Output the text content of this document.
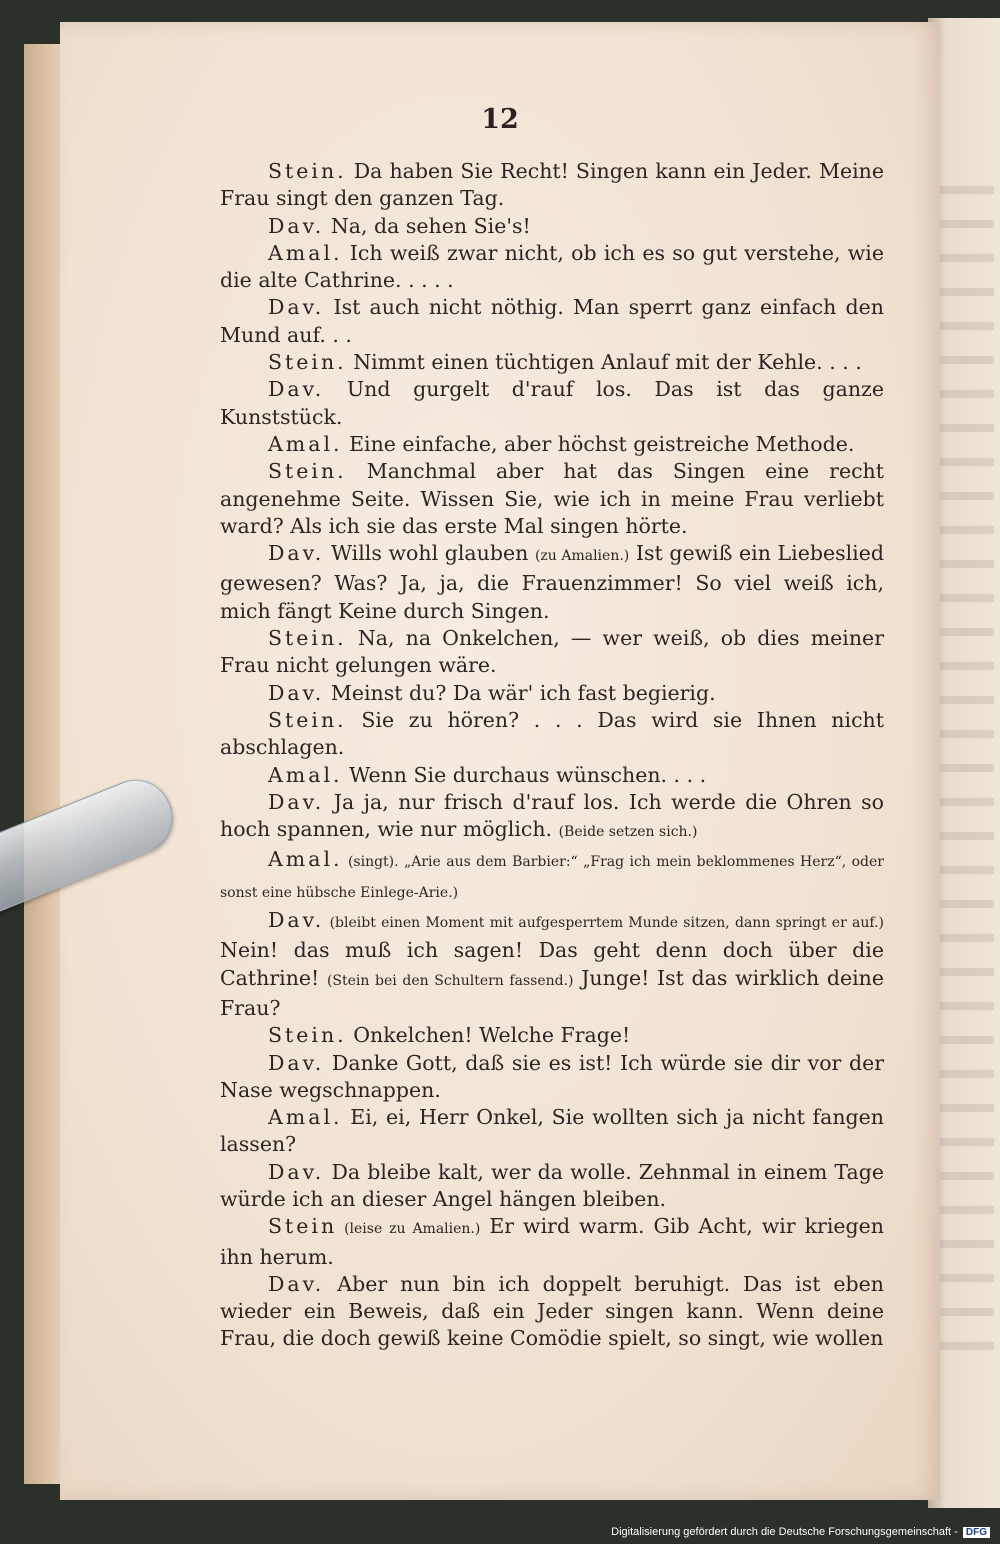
12

Stein. Da haben Sie Recht! Singen kann ein Jeder. Meine Frau singt den ganzen Tag.

Dav. Na, da sehen Sie's!

Amal. Ich weiß zwar nicht, ob ich es so gut verstehe, wie die alte Cathrine. . . . .

Dav. Ist auch nicht nöthig. Man sperrt ganz einfach den Mund auf. . .

Stein. Nimmt einen tüchtigen Anlauf mit der Kehle. . . .

Dav. Und gurgelt d'rauf los. Das ist das ganze Kunststück.

Amal. Eine einfache, aber höchst geistreiche Methode.

Stein. Manchmal aber hat das Singen eine recht angenehme Seite. Wissen Sie, wie ich in meine Frau verliebt ward? Als ich sie das erste Mal singen hörte.

Dav. Wills wohl glauben (zu Amalien.) Ist gewiß ein Liebeslied gewesen? Was? Ja, ja, die Frauenzimmer! So viel weiß ich, mich fängt Keine durch Singen.

Stein. Na, na Onkelchen, — wer weiß, ob dies meiner Frau nicht gelungen wäre.

Dav. Meinst du? Da wär' ich fast begierig.

Stein. Sie zu hören? . . . Das wird sie Ihnen nicht abschlagen.

Amal. Wenn Sie durchaus wünschen. . . .

Dav. Ja ja, nur frisch d'rauf los. Ich werde die Ohren so hoch spannen, wie nur möglich. (Beide setzen sich.)

Amal. (singt). „Arie aus dem Barbier:“ „Frag ich mein beklommenes Herz“, oder sonst eine hübsche Einlege-Arie.)

Dav. (bleibt einen Moment mit aufgesperrtem Munde sitzen, dann springt er auf.) Nein! das muß ich sagen! Das geht denn doch über die Cathrine! (Stein bei den Schultern fassend.) Junge! Ist das wirklich deine Frau?

Stein. Onkelchen! Welche Frage!

Dav. Danke Gott, daß sie es ist! Ich würde sie dir vor der Nase wegschnappen.

Amal. Ei, ei, Herr Onkel, Sie wollten sich ja nicht fangen lassen?

Dav. Da bleibe kalt, wer da wolle. Zehnmal in einem Tage würde ich an dieser Angel hängen bleiben.

Stein (leise zu Amalien.) Er wird warm. Gib Acht, wir kriegen ihn herum.

Dav. Aber nun bin ich doppelt beruhigt. Das ist eben wieder ein Beweis, daß ein Jeder singen kann. Wenn deine Frau, die doch gewiß keine Comödie spielt, so singt, wie wollen

Digitalisierung gefördert durch die Deutsche Forschungsgemeinschaft - DFG
